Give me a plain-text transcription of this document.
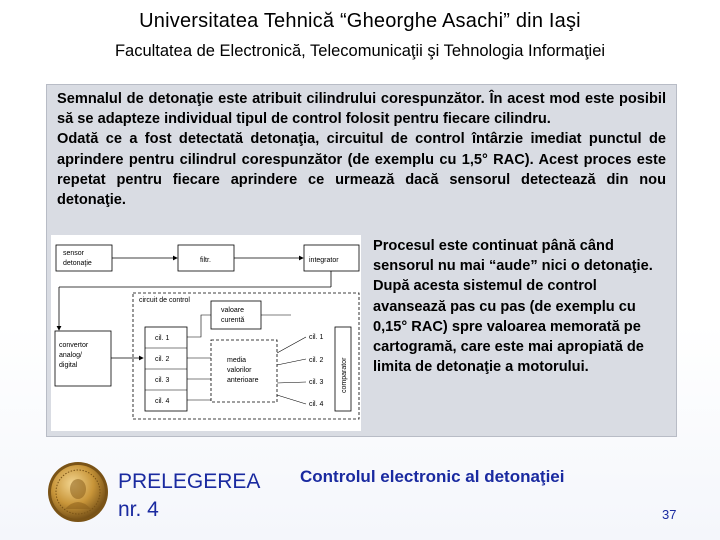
Universitatea Tehnică “Gheorghe Asachi” din Iaşi
Facultatea de Electronică, Telecomunicaţii şi Tehnologia Informaţiei

Semnalul de detonaţie este atribuit cilindrului corespunzător. În acest mod este posibil să se adapteze individual tipul de control folosit pentru fiecare cilindru.

Odată ce a fost detectată detonaţia, circuitul de control întârzie imediat punctul de aprindere pentru cilindrul corespunzător (de exemplu cu 1,5° RAC). Acest proces este repetat pentru fiecare aprindere ce urmează dacă sensorul detectează din nou detonaţie.

sensor
detonaţie	filtr.	integrator
circuit de control
convertor
analog/
digital
cil. 1
cil. 2
cil. 3
cil. 4
valoare
curentă
media
valorilor
anterioare
cil. 1
cil. 2
cil. 3
cil. 4
comparator

Procesul este continuat până când sensorul nu mai “aude” nici o detonaţie.

După acesta sistemul de control avansează pas cu pas (de exemplu cu 0,15° RAC) spre valoarea memorată pe cartogramă, care este mai apropiată de limita de detonaţie a motorului.

PRELEGEREA
nr. 4
Controlul electronic al detonaţiei
37
